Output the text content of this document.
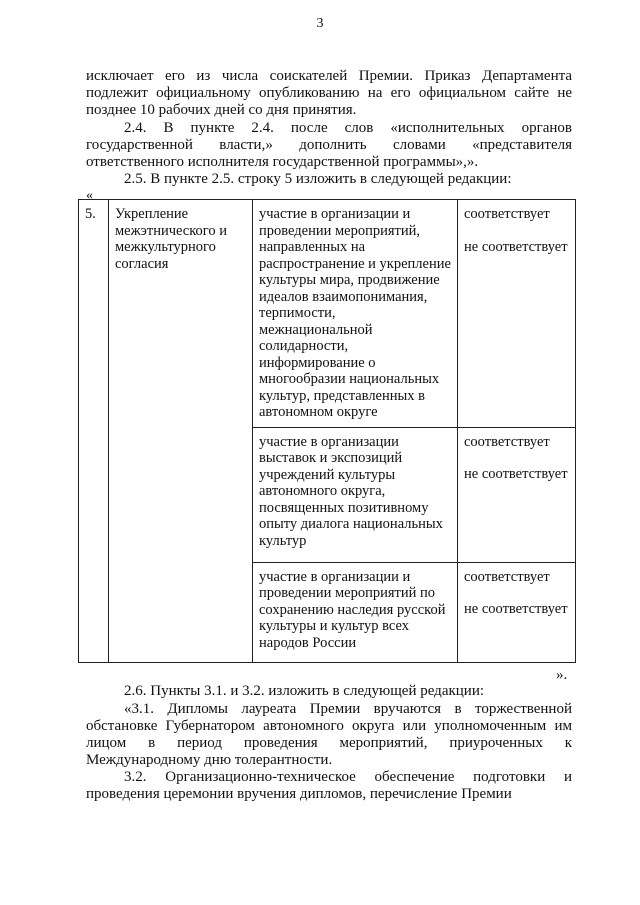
3
исключает его из числа соискателей Премии. Приказ Департамента подлежит официальному опубликованию на его официальном сайте не позднее 10 рабочих дней со дня принятия.
2.4. В пункте 2.4. после слов «исполнительных органов государственной власти,» дополнить словами «представителя ответственного исполнителя государственной программы»,».
2.5. В пункте 2.5. строку 5 изложить в следующей редакции:
«
5.	Укрепление межэтнического и межкультурного согласия	участие в организации и проведении мероприятий, направленных на распространение и укрепление культуры мира, продвижение идеалов взаимопонимания, терпимости, межнациональной солидарности, информирование о многообразии национальных культур, представленных в автономном округе	соответствует
не соответствует

		участие в организации выставок и экспозиций учреждений культуры автономного округа, посвященных позитивному опыту диалога национальных культур	соответствует
не соответствует

		участие в организации и проведении мероприятий по сохранению наследия русской культуры и культур всех народов России	соответствует
не соответствует
».
2.6. Пункты 3.1. и 3.2. изложить в следующей редакции:
«3.1. Дипломы лауреата Премии вручаются в торжественной обстановке Губернатором автономного округа или уполномоченным им лицом в период проведения мероприятий, приуроченных к Международному дню толерантности.
3.2. Организационно-техническое обеспечение подготовки и проведения церемонии вручения дипломов, перечисление Премии
